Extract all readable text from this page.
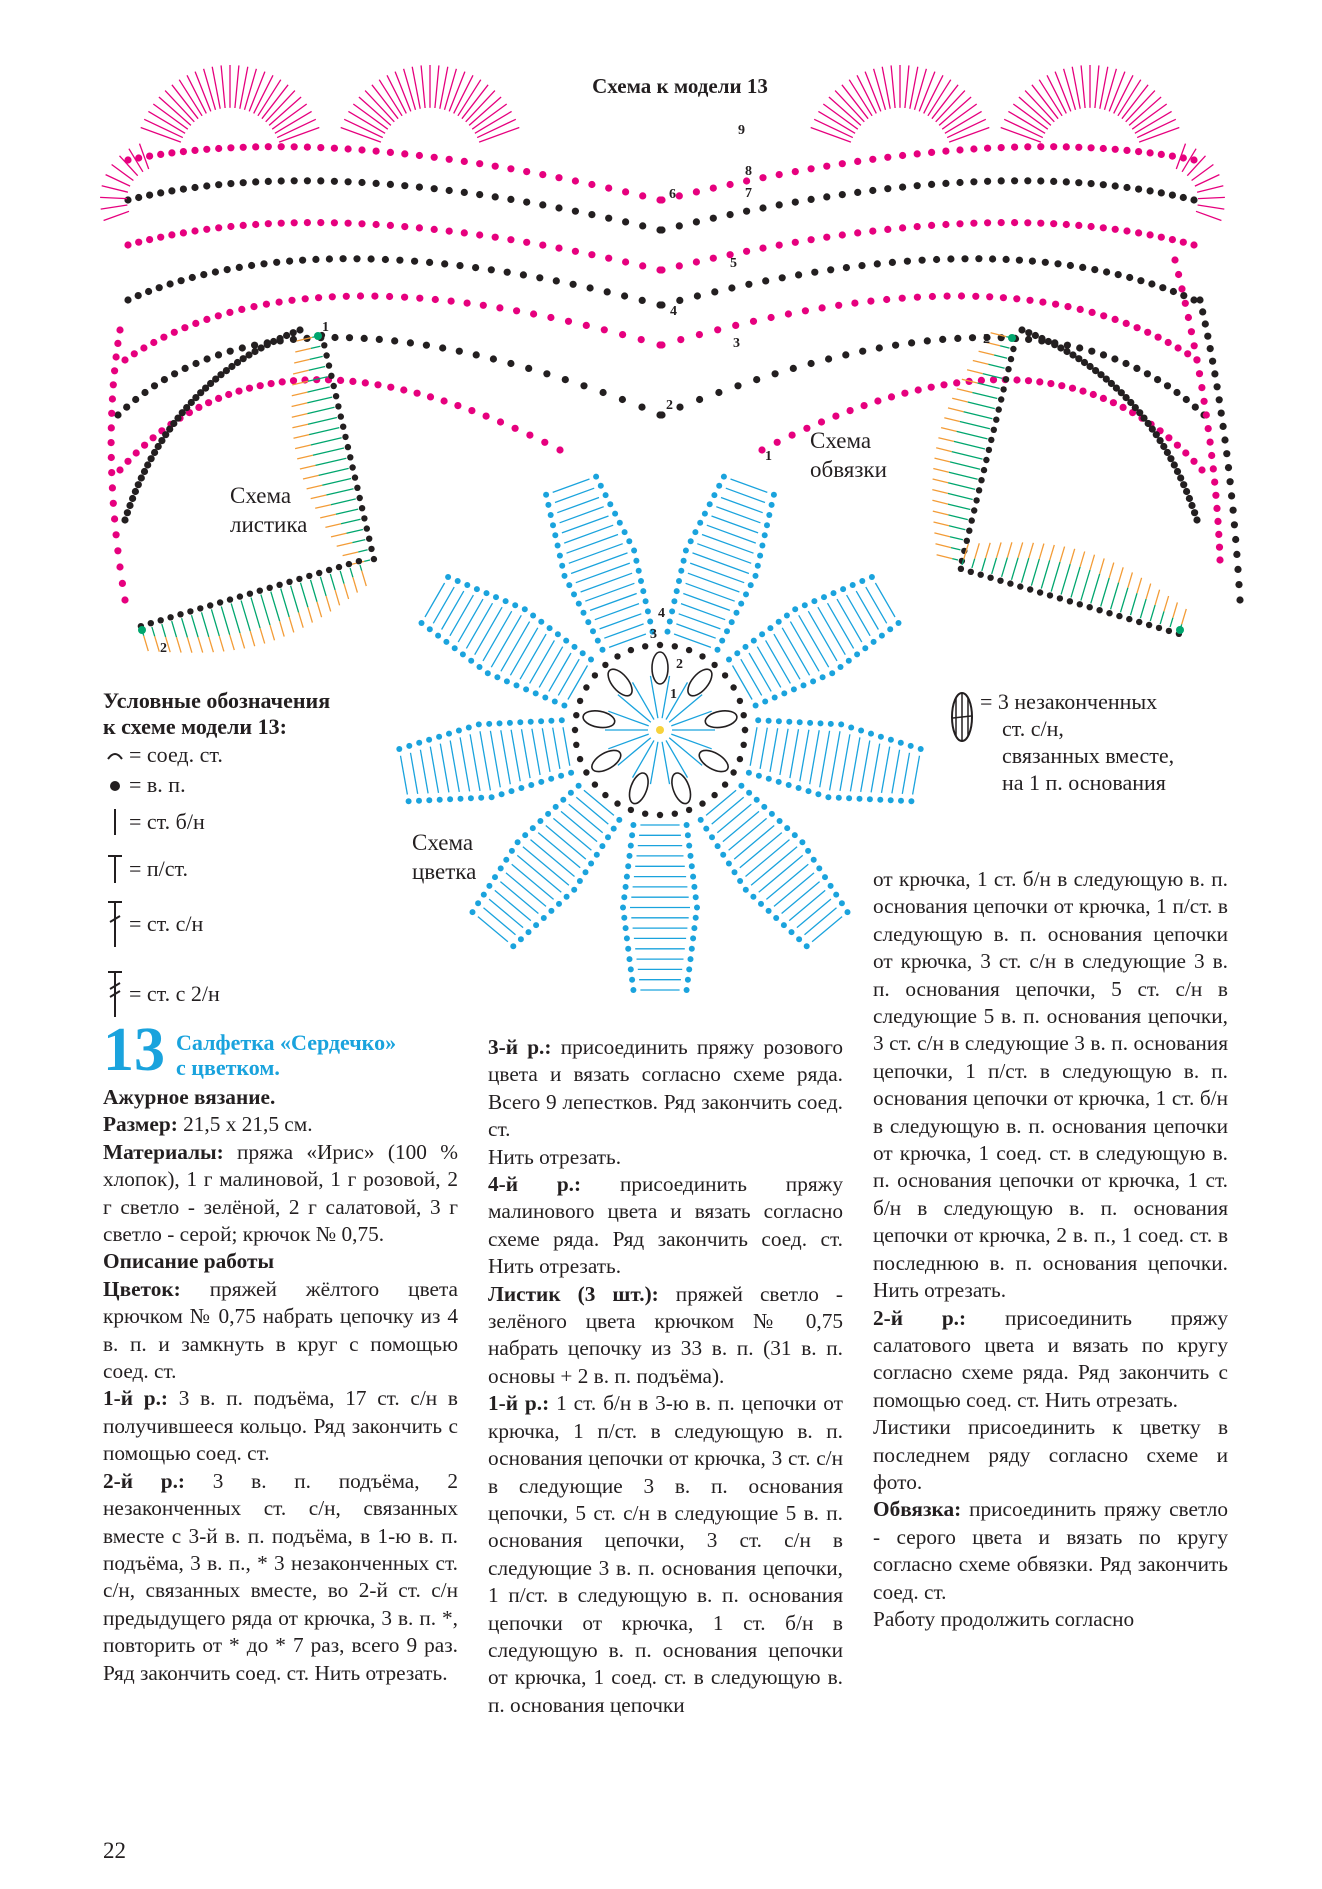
Схема к модели 13
Схема
листика
Схема
обвязки
Схема
цветка
9
8
7
6
5
4
3
2
1
1
2
2
4
3
2
1
Условные обозначения
к схеме модели 13:
= соед. ст.
= в. п.
= ст. б/н
= п/ст.
= ст. с/н
= ст. с 2/н
= 3 незаконченных
ст. с/н,
связанных вместе,
на 1 п. основания
13 Салфетка «Сердечко»
с цветком.

Ажурное вязание.

Размер: 21,5 х 21,5 см.

Материалы: пряжа «Ирис» (100 % хлопок), 1 г малиновой, 1 г розовой, 2 г светло - зелёной, 2 г салатовой, 3 г светло - серой; крючок № 0,75.

Описание работы

Цветок: пряжей жёлтого цвета крючком № 0,75 набрать цепочку из 4 в. п. и замкнуть в круг с помощью соед. ст.

1-й р.: 3 в. п. подъёма, 17 ст. с/н в получившееся кольцо. Ряд закончить с помощью соед. ст.

2-й р.: 3 в. п. подъёма, 2 незаконченных ст. с/н, связанных вместе с 3-й в. п. подъёма, в 1-ю в. п. подъёма, 3 в. п., * 3 незаконченных ст. с/н, связанных вместе, во 2-й ст. с/н предыдущего ряда от крючка, 3 в. п. *, повторить от * до * 7 раз, всего 9 раз. Ряд закончить соед. ст. Нить отрезать.

3-й р.: присоединить пряжу розового цвета и вязать согласно схеме ряда. Всего 9 лепестков. Ряд закончить соед. ст.

Нить отрезать.

4-й р.: присоединить пряжу малинового цвета и вязать согласно схеме ряда. Ряд закончить соед. ст. Нить отрезать.

Листик (3 шт.): пряжей светло - зелёного цвета крючком № 0,75 набрать цепочку из 33 в. п. (31 в. п. основы + 2 в. п. подъёма).

1-й р.: 1 ст. б/н в 3-ю в. п. цепочки от крючка, 1 п/ст. в следующую в. п. основания цепочки от крючка, 3 ст. с/н в следующие 3 в. п. основания цепочки, 5 ст. с/н в следующие 5 в. п. основания цепочки, 3 ст. с/н в следующие 3 в. п. основания цепочки, 1 п/ст. в следующую в. п. основания цепочки от крючка, 1 ст. б/н в следующую в. п. основания цепочки от крючка, 1 соед. ст. в следующую в. п. основания цепочки

от крючка, 1 ст. б/н в следующую в. п. основания цепочки от крючка, 1 п/ст. в следующую в. п. основания цепочки от крючка, 3 ст. с/н в следующие 3 в. п. основания цепочки, 5 ст. с/н в следующие 5 в. п. основания цепочки, 3 ст. с/н в следующие 3 в. п. основания цепочки, 1 п/ст. в следующую в. п. основания цепочки от крючка, 1 ст. б/н в следующую в. п. основания цепочки от крючка, 1 соед. ст. в следующую в. п. основания цепочки от крючка, 1 ст. б/н в следующую в. п. основания цепочки от крючка, 2 в. п., 1 соед. ст. в последнюю в. п. основания цепочки. Нить отрезать.

2-й р.: присоединить пряжу салатового цвета и вязать по кругу согласно схеме ряда. Ряд закончить с помощью соед. ст. Нить отрезать.

Листики присоединить к цветку в последнем ряду согласно схеме и фото.

Обвязка: присоединить пряжу светло - серого цвета и вязать по кругу согласно схеме обвязки. Ряд закончить соед. ст.

Работу продолжить согласно

22
